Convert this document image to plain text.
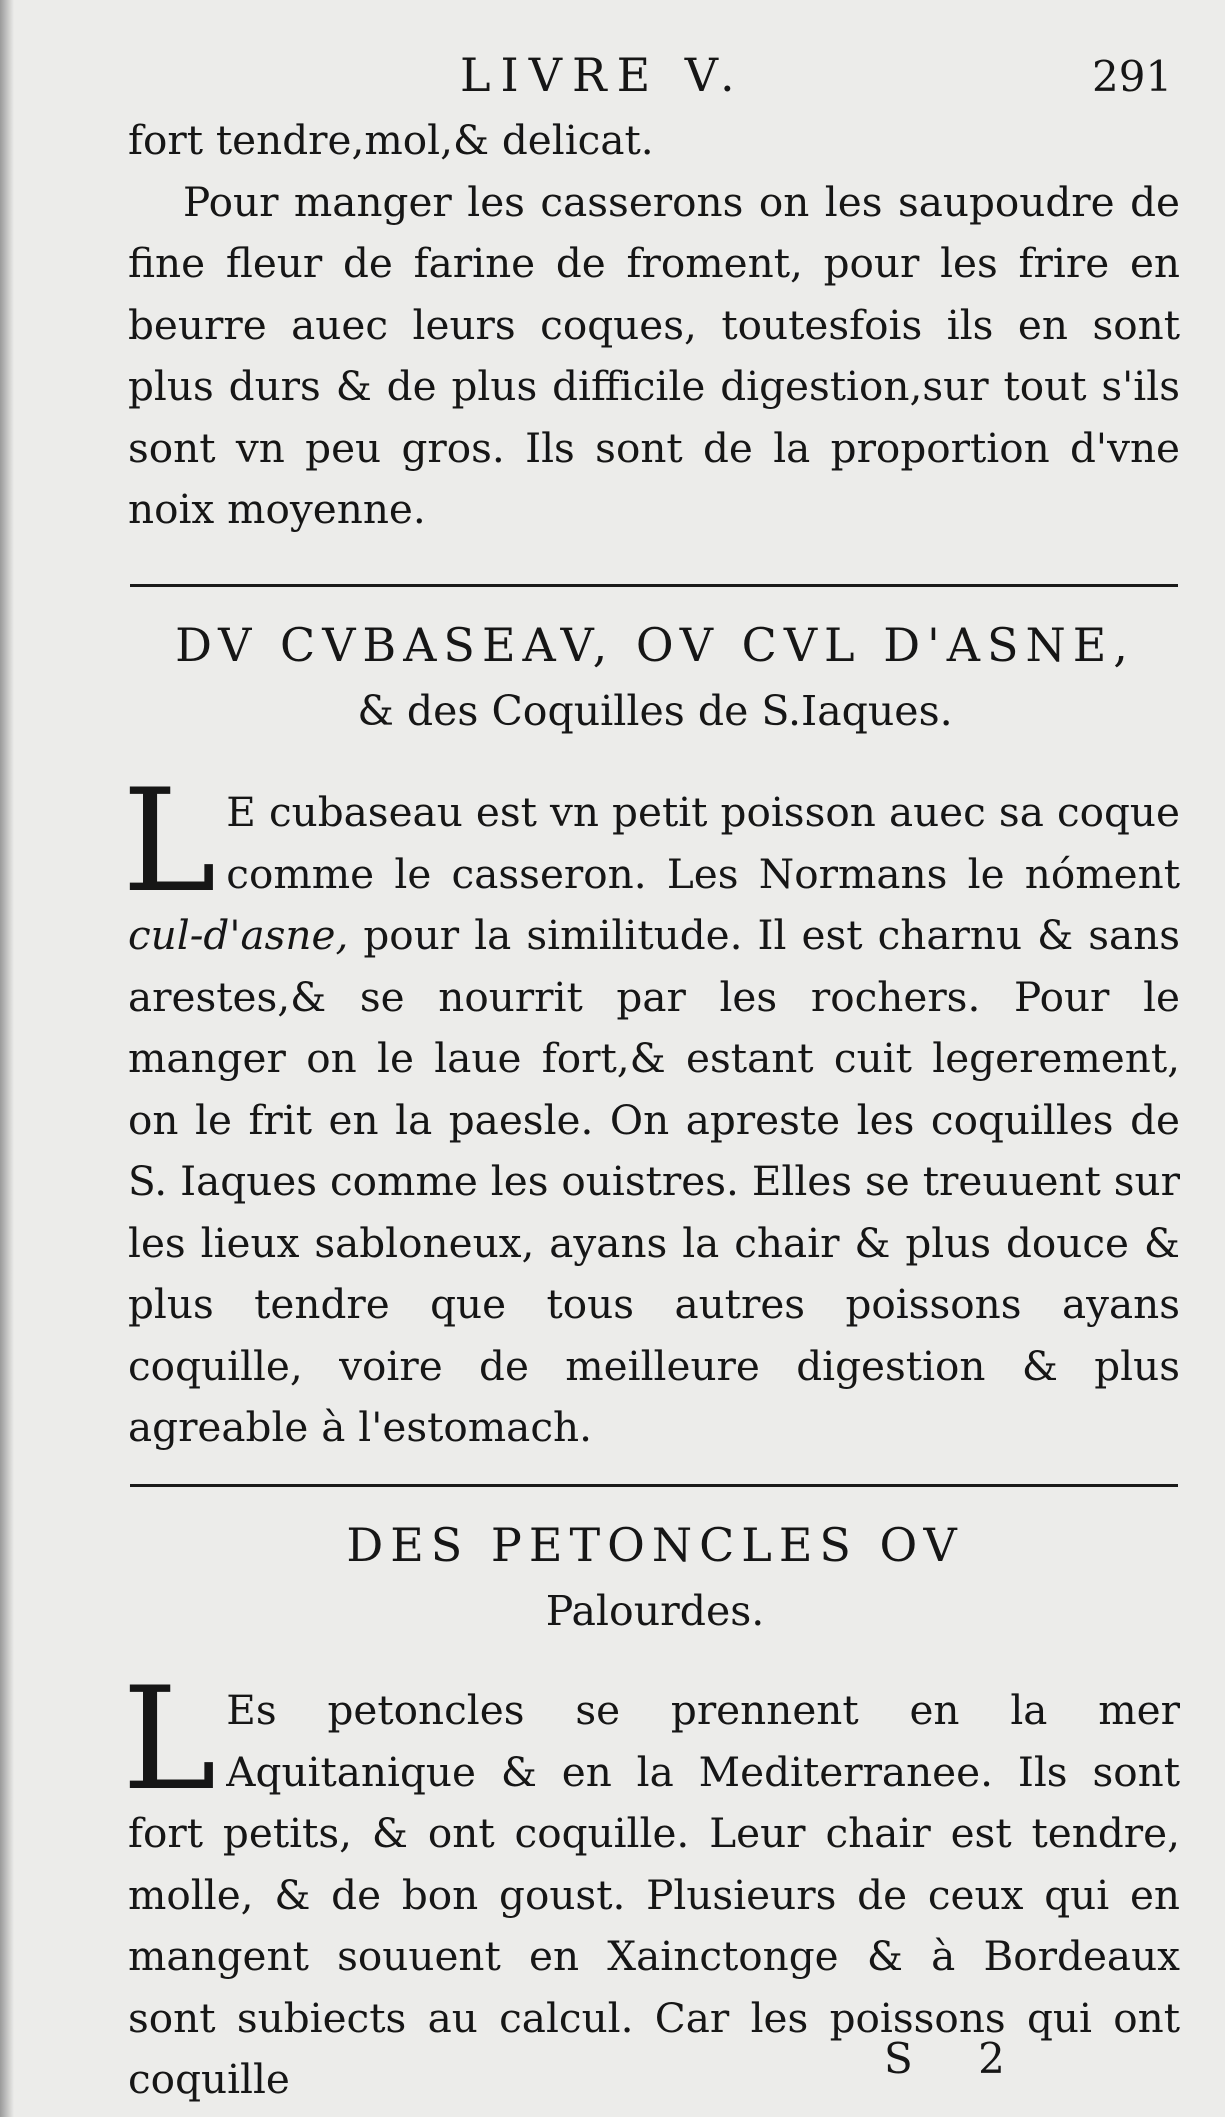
LIVRE V.	291

fort tendre,mol,& delicat.

Pour manger les casserons on les saupoudre de fine fleur de farine de froment, pour les frire en beurre auec leurs coques, toutesfois ils en sont plus durs & de plus difficile digestion,sur tout s'ils sont vn peu gros. Ils sont de la proportion d'vne noix moyenne.

DV CVBASEAV, OV CVL D'ASNE,
& des Coquilles de S.Iaques.

L E cubaseau est vn petit poisson auec sa coque comme le casseron. Les Normans le nóment cul-d'asne, pour la similitude. Il est charnu & sans arestes,& se nourrit par les rochers. Pour le manger on le laue fort,& estant cuit legerement, on le frit en la paesle. On apreste les coquilles de S. Iaques comme les ouistres. Elles se treuuent sur les lieux sabloneux, ayans la chair & plus douce & plus tendre que tous autres poissons ayans coquille, voire de meilleure digestion & plus agreable à l'estomach.

DES PETONCLES OV
Palourdes.

L Es petoncles se prennent en la mer Aquitanique & en la Mediterranee. Ils sont fort petits, & ont coquille. Leur chair est tendre, molle, & de bon goust. Plusieurs de ceux qui en mangent souuent en Xainctonge & à Bordeaux sont subiects au calcul. Car les poissons qui ont coquille	S 2
